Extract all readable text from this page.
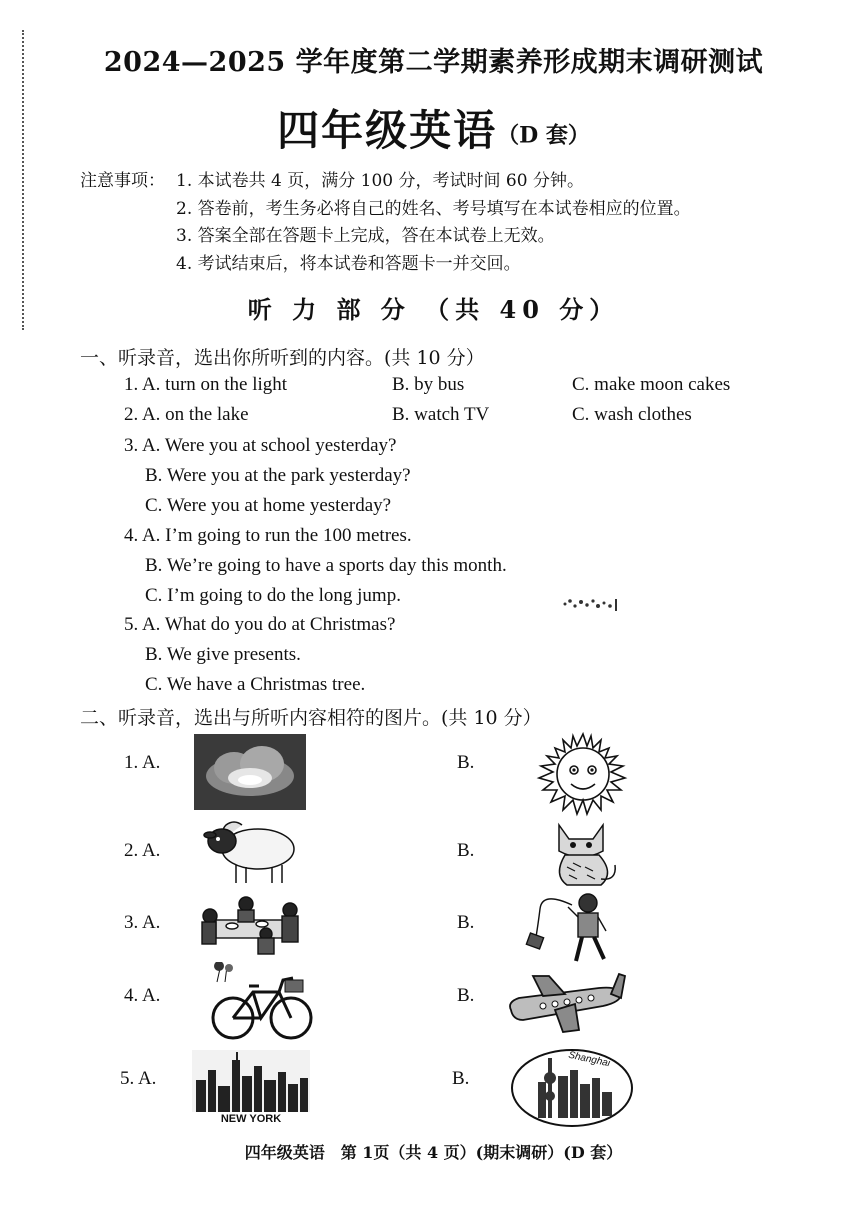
2024—2025 学年度第二学期素养形成期末调研测试
四年级英语（D 套）
注意事项： 1. 本试卷共 4 页，满分 100 分，考试时间 60 分钟。
2. 答卷前，考生务必将自己的姓名、考号填写在本试卷相应的位置。
3. 答案全部在答题卡上完成，答在本试卷上无效。
4. 考试结束后，将本试卷和答题卡一并交回。
听 力 部 分 （共 40 分）
一、听录音，选出你所听到的内容。(共 10 分）
1. A. turn on the light	B. by bus	C. make moon cakes
2. A. on the lake	B. watch TV	C. wash clothes
3. A. Were you at school yesterday?
B. Were you at the park yesterday?
C. Were you at home yesterday?
4. A. I’m going to run the 100 metres.
B. We’re going to have a sports day this month.
C. I’m going to do the long jump.
5. A. What do you do at Christmas?
B. We give presents.
C. We have a Christmas tree.
二、听录音，选出与所听内容相符的图片。(共 10 分）
1. A.	B.
2. A.	B.
3. A.	B.
4. A.	B.
5. A.	B.
NEW YORK
Shanghai
四年级英语　第 1页（共 4 页）(期末调研）(D 套）
